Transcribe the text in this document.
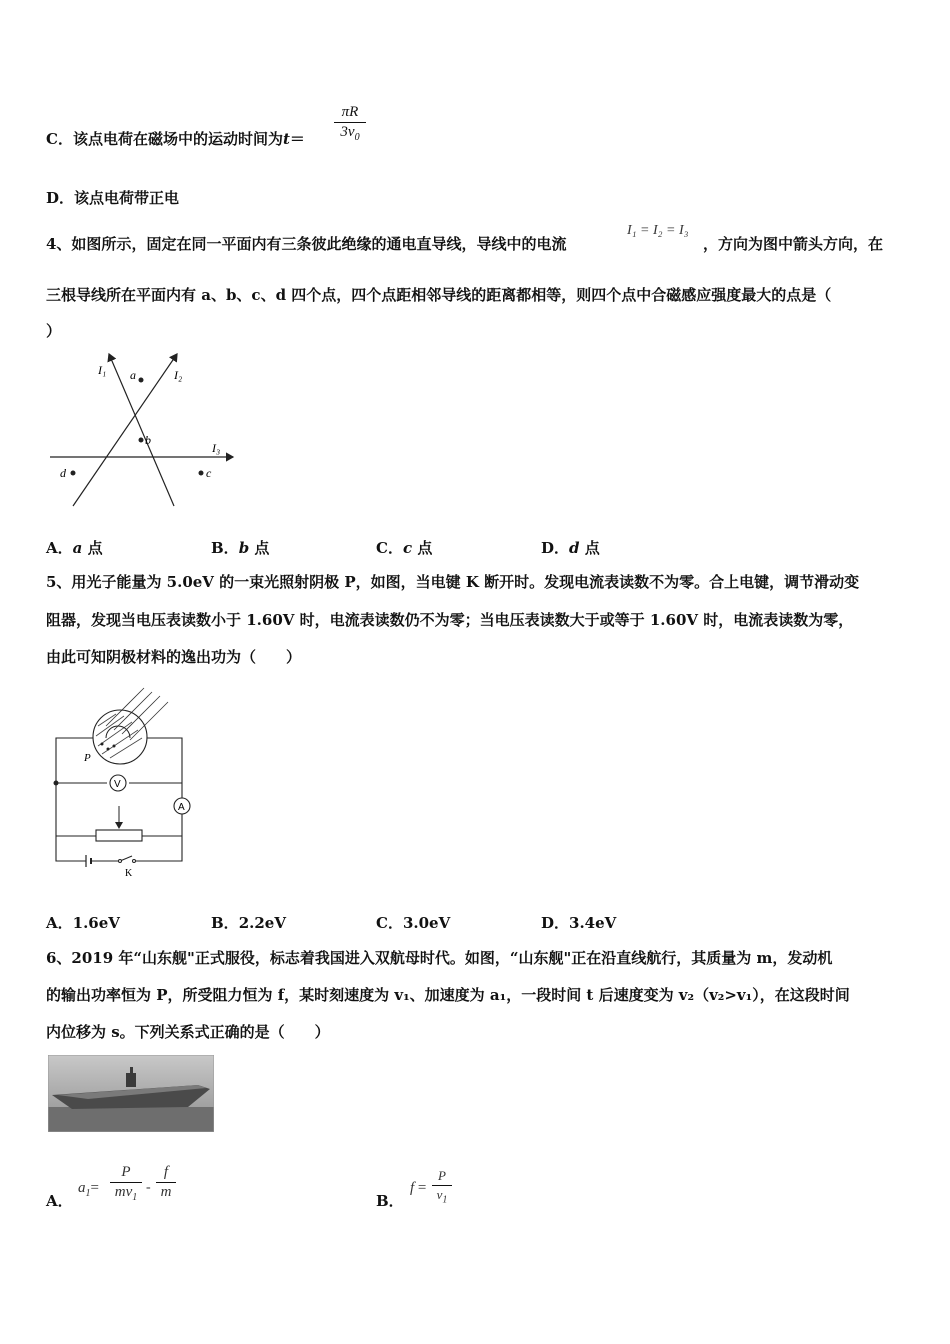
C．该点电荷在磁场中的运动时间为t＝
πR
$3v_0$
D．该点电荷带正电
4、如图所示，固定在同一平面内有三条彼此绝缘的通电直导线，导线中的电流
I₁ = I₂ = I₃
，方向为图中箭头方向，在
三根导线所在平面内有 a、b、c、d 四个点，四个点距相邻导线的距离都相等，则四个点中合磁感应强度最大的点是（
）
I₁	I₂
I₃
a
b
c
d
A．a 点	B．b 点	C．c 点	D．d 点
5、用光子能量为 5.0eV 的一束光照射阴极 P，如图，当电键 K 断开时。发现电流表读数不为零。合上电键，调节滑动变
阻器，发现当电压表读数小于 1.60V 时，电流表读数仍不为零；当电压表读数大于或等于 1.60V 时，电流表读数为零，
由此可知阴极材料的逸出功为（　　）
P
V
A
K
A．1.6eV	B．2.2eV	C．3.0eV	D．3.4eV
6、2019 年“山东舰"正式服役，标志着我国进入双航母时代。如图，“山东舰"正在沿直线航行，其质量为 m，发动机
的输出功率恒为 P，所受阻力恒为 f，某时刻速度为 v₁、加速度为 a₁，一段时间 t 后速度变为 v₂（v₂>v₁），在这段时间
内位移为 s。下列关系式正确的是（　　）
A．
$a_1=$
P
$mv_1$
-
f
m	B．
f =
P
$v_1$
